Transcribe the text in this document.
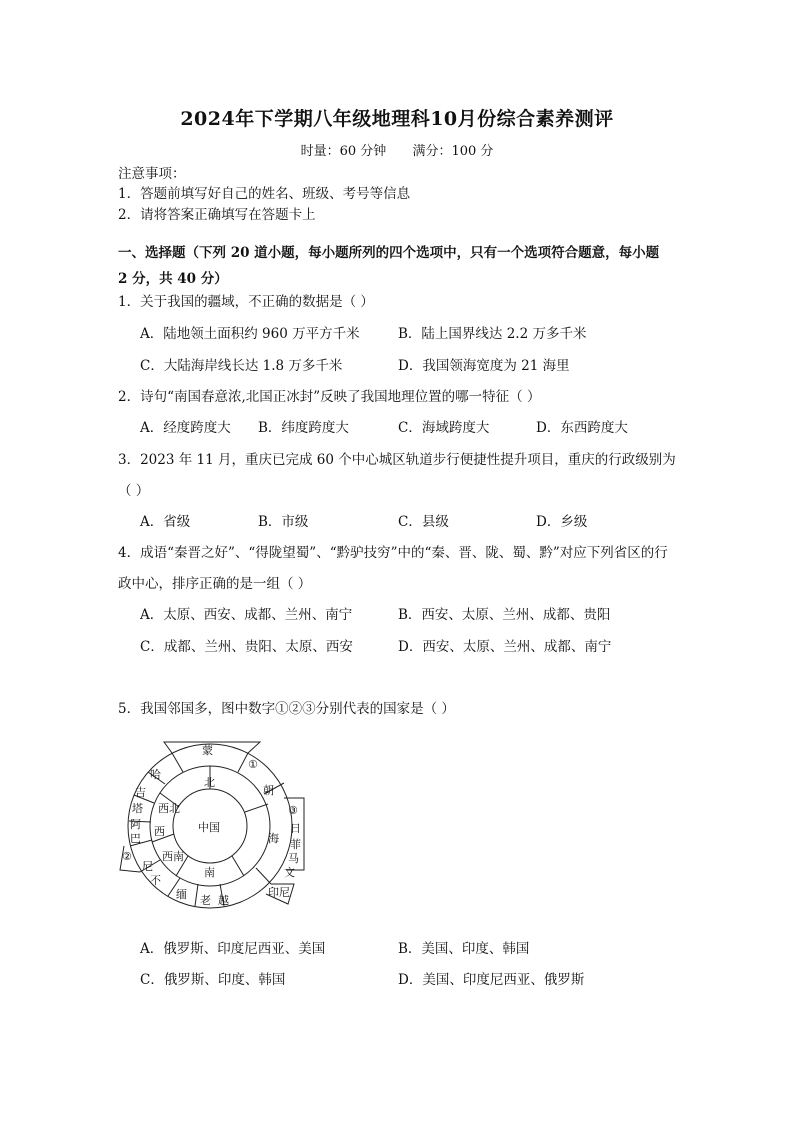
2024年下学期八年级地理科10月份综合素养测评
时量：60 分钟 满分：100 分
注意事项：
1．答题前填写好自己的姓名、班级、考号等信息
2．请将答案正确填写在答题卡上
一、选择题（下列 20 道小题，每小题所列的四个选项中，只有一个选项符合题意，每小题
2 分，共 40 分）
1．关于我国的疆域，不正确的数据是（ ）
A．陆地领土面积约 960 万平方千米	B．陆上国界线达 2.2 万多千米
C．大陆海岸线长达 1.8 万多千米	D．我国领海宽度为 21 海里
2．诗句“南国春意浓,北国正冰封”反映了我国地理位置的哪一特征（ ）
A．经度跨度大 B．纬度跨度大	C．海域跨度大	D．东西跨度大
3．2023 年 11 月，重庆已完成 60 个中心城区轨道步行便捷性提升项目，重庆的行政级别为
（ ）
A．省级	B．市级	C．县级	D．乡级
4．成语“秦晋之好”、“得陇望蜀”、“黔驴技穷”中的“秦、晋、陇、蜀、黔”对应下列省区的行
政中心，排序正确的是一组（ ）
A．太原、西安、成都、兰州、南宁	B．西安、太原、兰州、成都、贵阳
C．成都、兰州、贵阳、太原、西安	D．西安、太原、兰州、成都、南宁
5．我国邻国多，图中数字①②③分别代表的国家是（ ）
中国
北
西北
西
西南
南
海
蒙
①
哈
吉
塔
阿
巴
②
尼
不
缅 老 越
朝
③
日
菲
马
文
印尼
A．俄罗斯、印度尼西亚、美国	B．美国、印度、韩国
C．俄罗斯、印度、韩国	D．美国、印度尼西亚、俄罗斯
